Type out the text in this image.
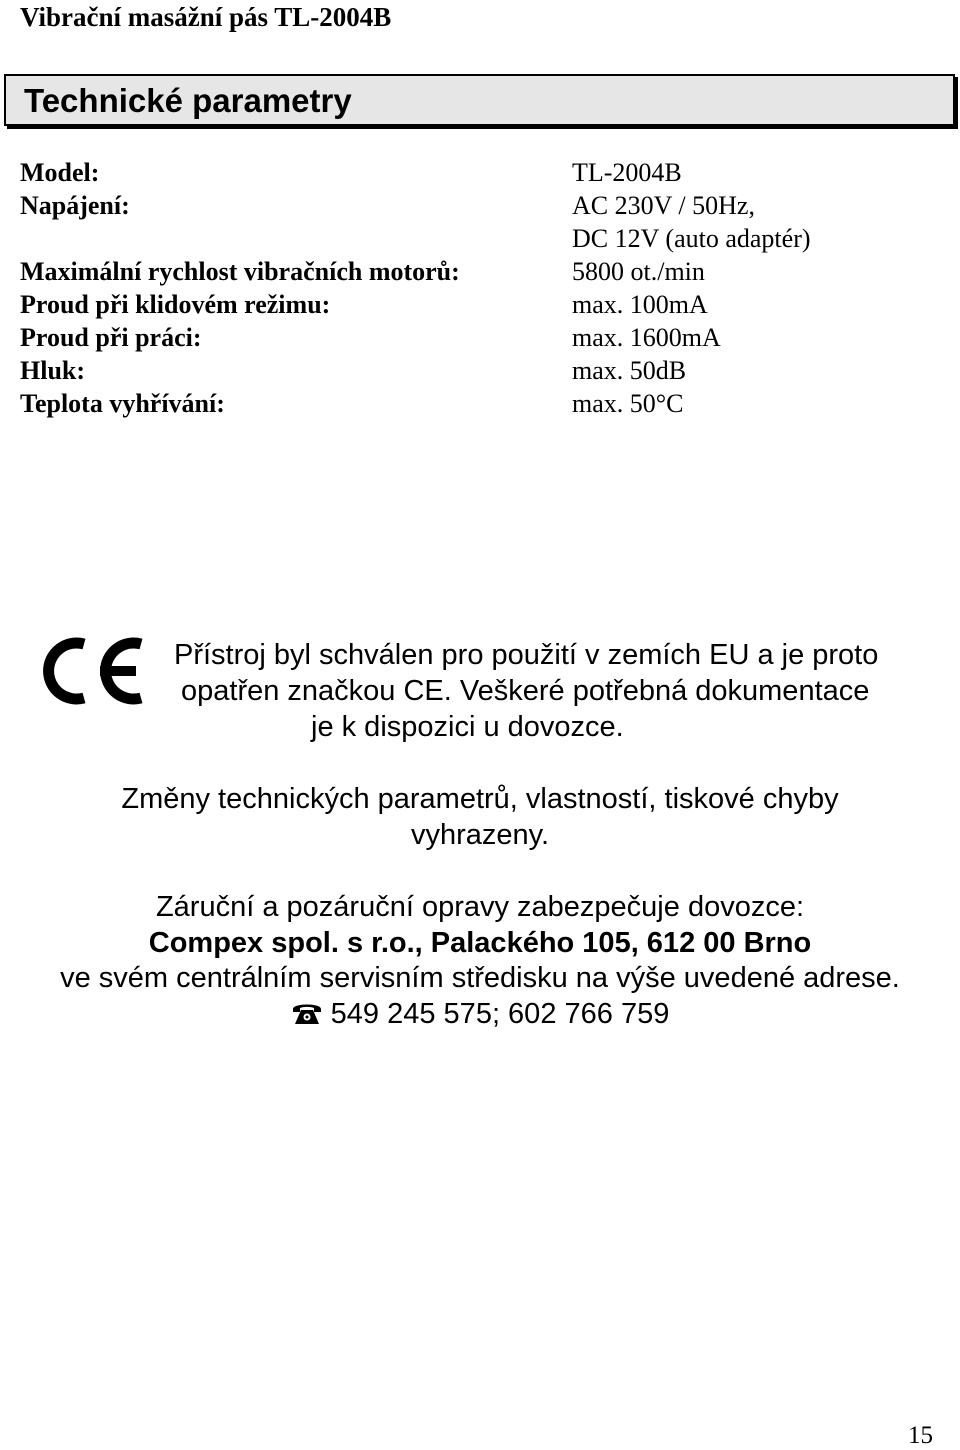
Vibrační masážní pás TL-2004B
Technické parametry
Model:	TL-2004B
Napájení:	AC 230V / 50Hz,
DC 12V (auto adaptér)
Maximální rychlost vibračních motorů:	5800 ot./min
Proud při klidovém režimu:	max. 100mA
Proud při práci:	max. 1600mA
Hluk:	max. 50dB
Teplota vyhřívání:	max. 50°C
Přístroj byl schválen pro použití v zemích EU a je proto
opatřen značkou CE. Veškeré potřebná dokumentace
je k dispozici u dovozce.
Změny technických parametrů, vlastností, tiskové chyby
vyhrazeny.
Záruční a pozáruční opravy zabezpečuje dovozce:
Compex spol. s r.o., Palackého 105, 612 00 Brno
ve svém centrálním servisním středisku na výše uvedené adrese.
549 245 575; 602 766 759
15
